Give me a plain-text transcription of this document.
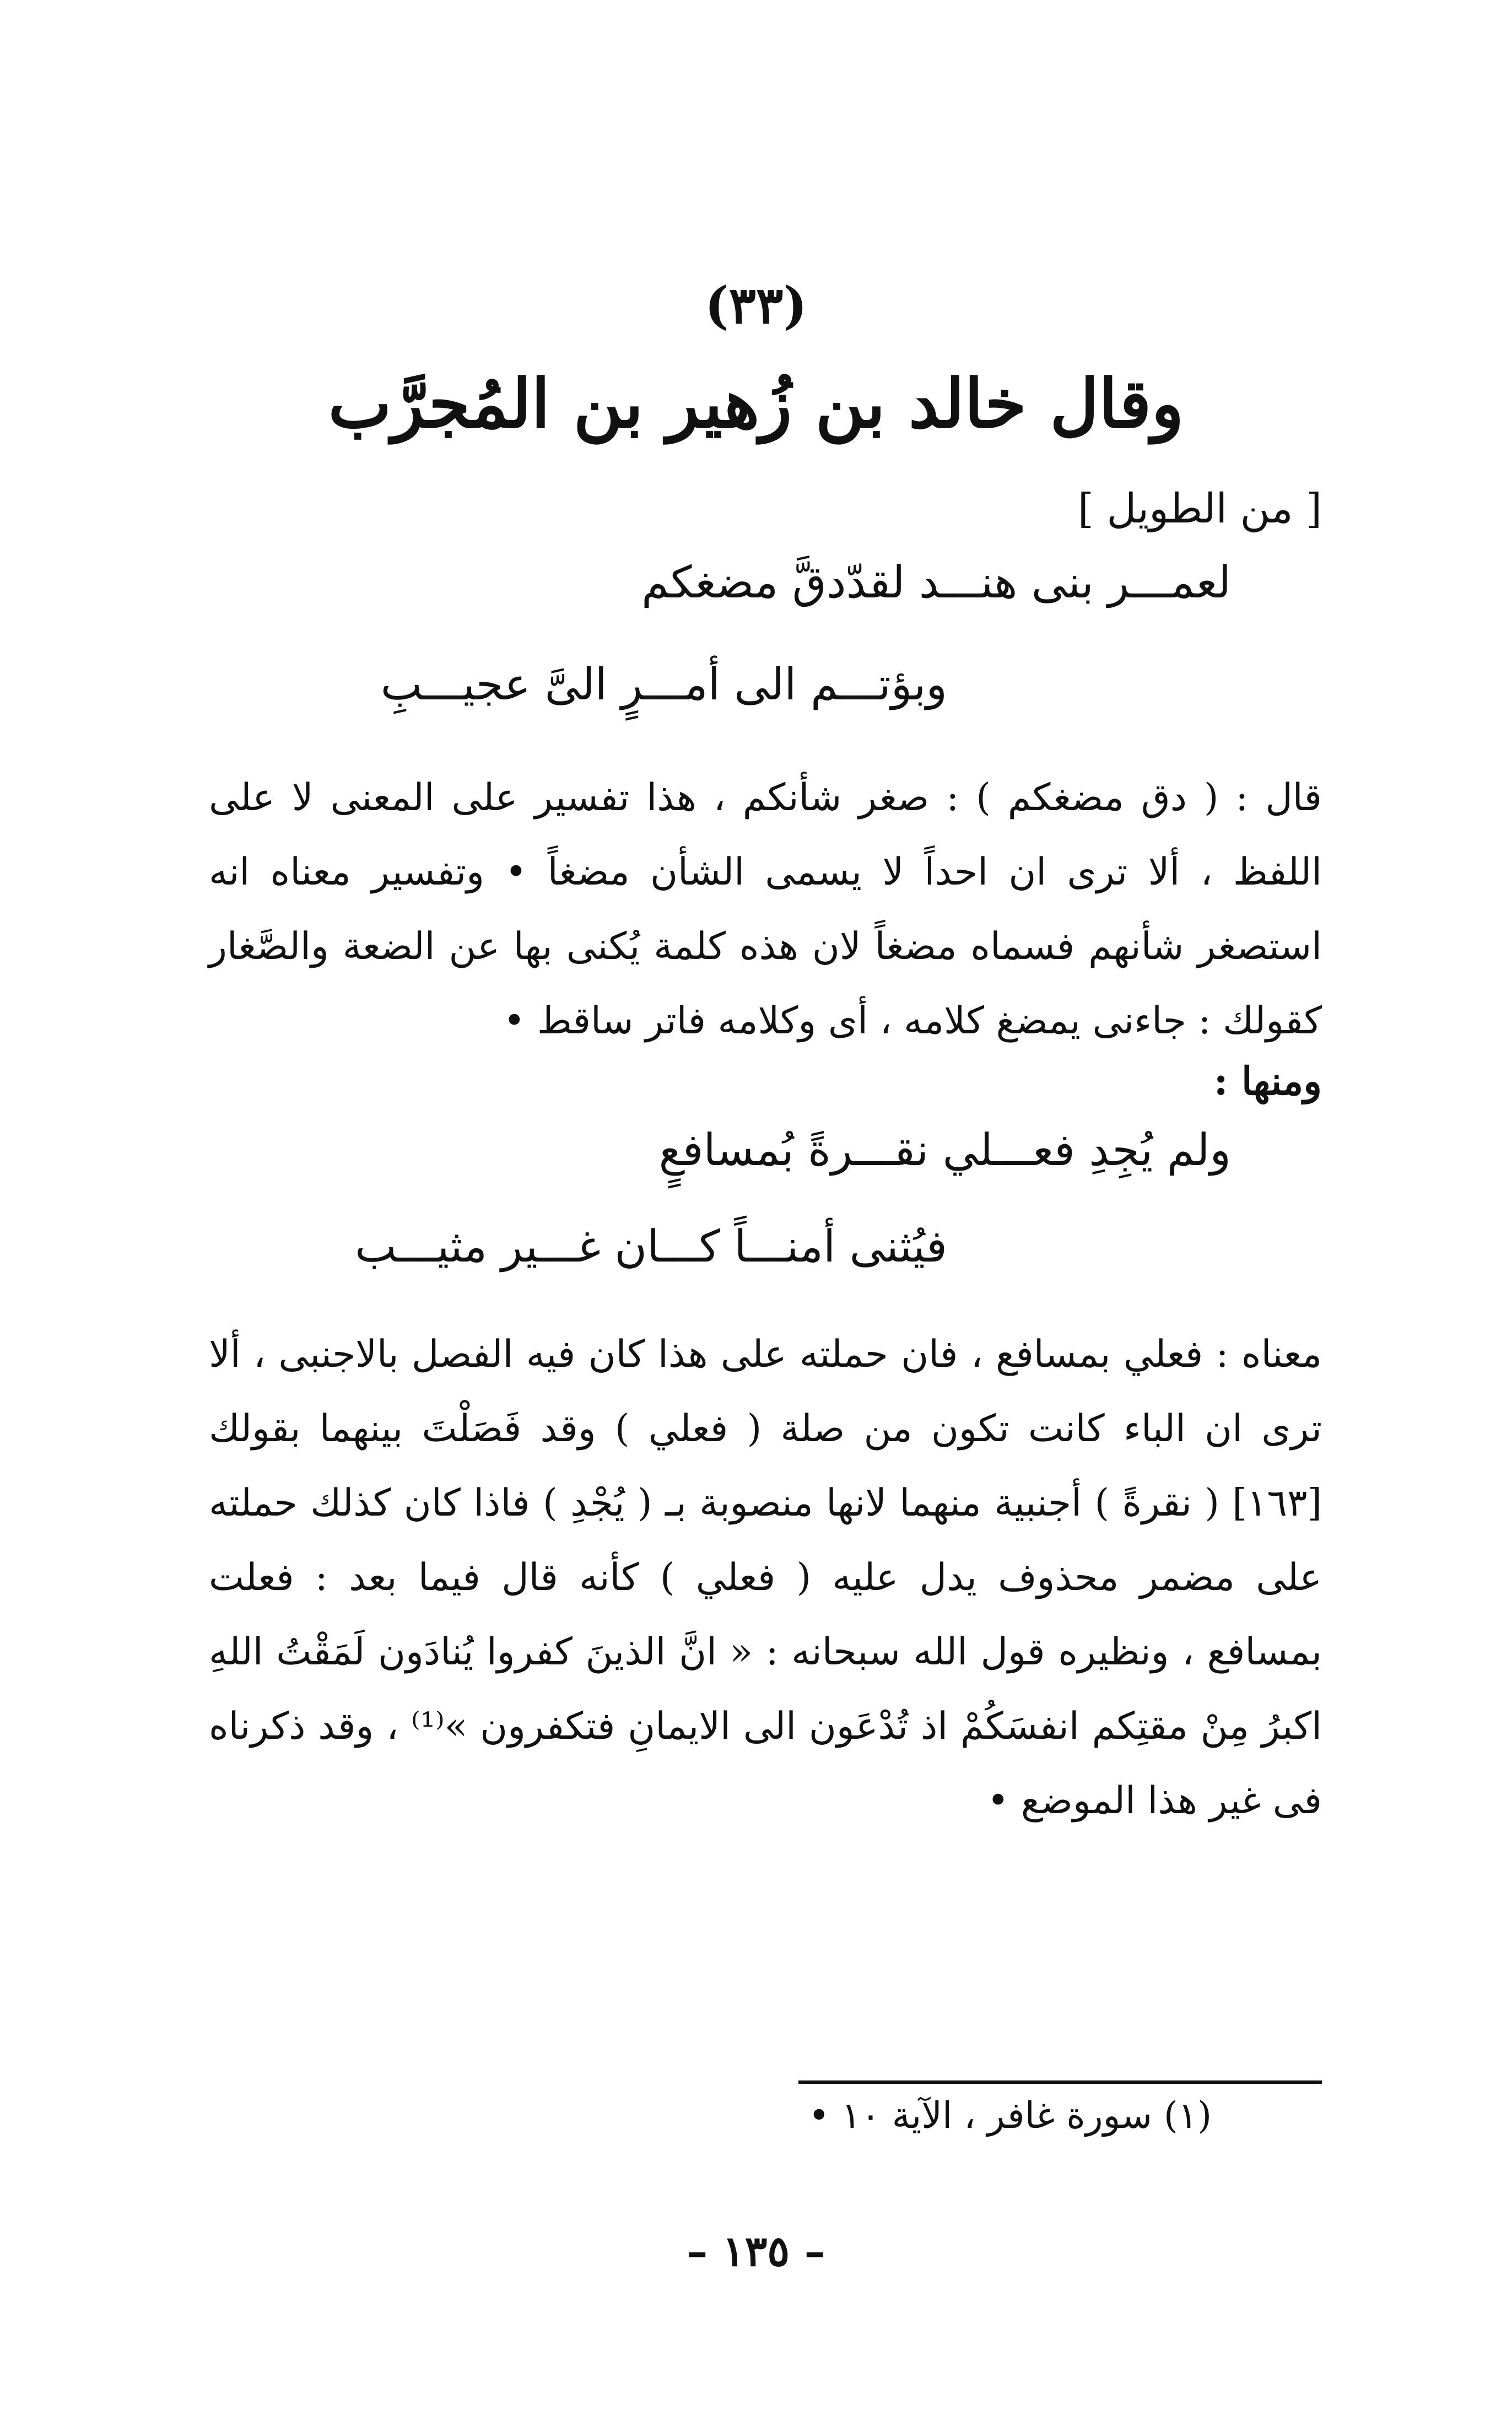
(٣٣)
وقال خالد بن زُهير بن المُجرَّب
[ من الطويل ]
لعمـــر بنى هنـــد لقدّدقَّ مضغكم
وبؤتـــم الى أمـــرٍ الىَّ عجيـــبِ
قال : ( دق مضغكم ) : صغر شأنكم ، هذا تفسير على المعنى لا على اللفظ ، ألا ترى ان احداً لا يسمى الشأن مضغاً • وتفسير معناه انه استصغر شأنهم فسماه مضغاً لان هذه كلمة يُكنى بها عن الضعة والصَّغار كقولك : جاءنى يمضغ كلامه ، أى وكلامه فاتر ساقط •
ومنها :
ولم يُجِدِ فعـــلي نقـــرةً بُمسافعٍ
فيُثنى أمنـــاً كـــان غـــير مثيـــب
معناه : فعلي بمسافع ، فان حملته على هذا كان فيه الفصل بالاجنبى ، ألا ترى ان الباء كانت تكون من صلة ( فعلي ) وقد فَصَلْتَ بينهما بقولك [١٦٣] ( نقرةً ) أجنبية منهما لانها منصوبة بـ ( يُجْدِ ) فاذا كان كذلك حملته على مضمر محذوف يدل عليه ( فعلي ) كأنه قال فيما بعد : فعلت بمسافع ، ونظيره قول الله سبحانه : « انَّ الذينَ كفروا يُنادَون لَمَقْتُ اللهِ اكبرُ مِنْ مقتِكم انفسَكُمْ اذ تُدْعَون الى الايمانِ فتكفرون »⁽¹⁾ ، وقد ذكرناه فى غير هذا الموضع •
(١) سورة غافر ، الآية ١٠ •
– ١٣٥ –
